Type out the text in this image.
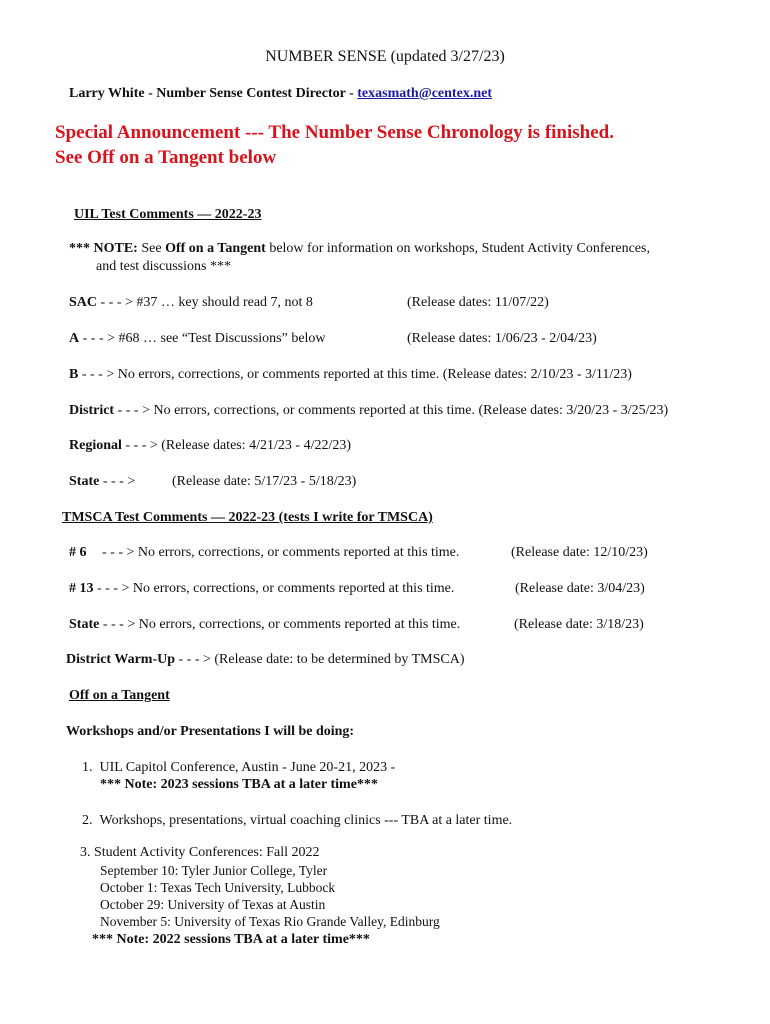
NUMBER SENSE (updated 3/27/23)
Larry White - Number Sense Contest Director - texasmath@centex.net
Special Announcement --- The Number Sense Chronology is finished.
See Off on a Tangent below
UIL Test Comments — 2022-23
*** NOTE: See Off on a Tangent below for information on workshops, Student Activity Conferences,
and test discussions ***
SAC - - - > #37 … key should read 7, not 8	(Release dates: 11/07/22)
A - - - > #68 … see “Test Discussions” below	(Release dates: 1/06/23 - 2/04/23)
B - - - > No errors, corrections, or comments reported at this time. (Release dates: 2/10/23 - 3/11/23)
District - - - > No errors, corrections, or comments reported at this time. (Release dates: 3/20/23 - 3/25/23)
Regional - - - > (Release dates: 4/21/23 - 4/22/23)
State - - - >	(Release date: 5/17/23 - 5/18/23)
TMSCA Test Comments — 2022-23 (tests I write for TMSCA)
# 6 - - - > No errors, corrections, or comments reported at this time.	(Release date: 12/10/23)
# 13 - - - > No errors, corrections, or comments reported at this time.	(Release date: 3/04/23)
State - - - > No errors, corrections, or comments reported at this time.	(Release date: 3/18/23)
District Warm-Up - - - > (Release date: to be determined by TMSCA)
Off on a Tangent
Workshops and/or Presentations I will be doing:
1. UIL Capitol Conference, Austin - June 20-21, 2023 -
*** Note: 2023 sessions TBA at a later time***
2. Workshops, presentations, virtual coaching clinics --- TBA at a later time.
3. Student Activity Conferences: Fall 2022
September 10: Tyler Junior College, Tyler
October 1: Texas Tech University, Lubbock
October 29: University of Texas at Austin
November 5: University of Texas Rio Grande Valley, Edinburg
*** Note: 2022 sessions TBA at a later time***
